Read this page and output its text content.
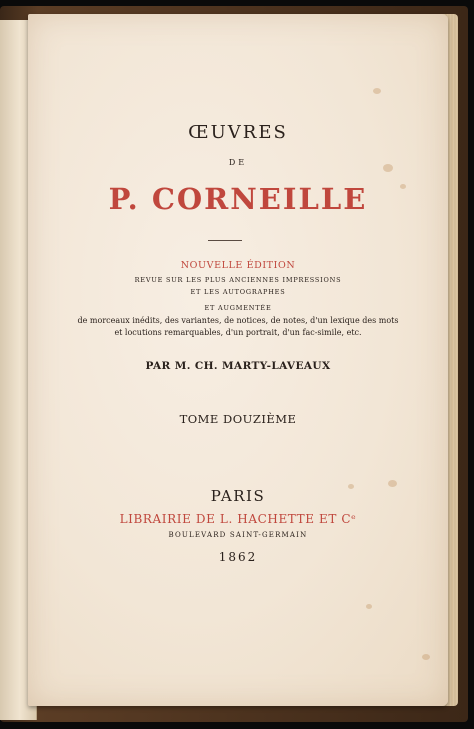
ŒUVRES
DE
P. CORNEILLE
NOUVELLE ÉDITION
REVUE SUR LES PLUS ANCIENNES IMPRESSIONS
ET LES AUTOGRAPHES
ET AUGMENTÉE
de morceaux inédits, des variantes, de notices, de notes, d'un lexique des mots
et locutions remarquables, d'un portrait, d'un fac-simile, etc.
PAR M. CH. MARTY-LAVEAUX
TOME DOUZIÈME
PARIS
LIBRAIRIE DE L. HACHETTE ET Cᵉ
BOULEVARD SAINT-GERMAIN
1862
